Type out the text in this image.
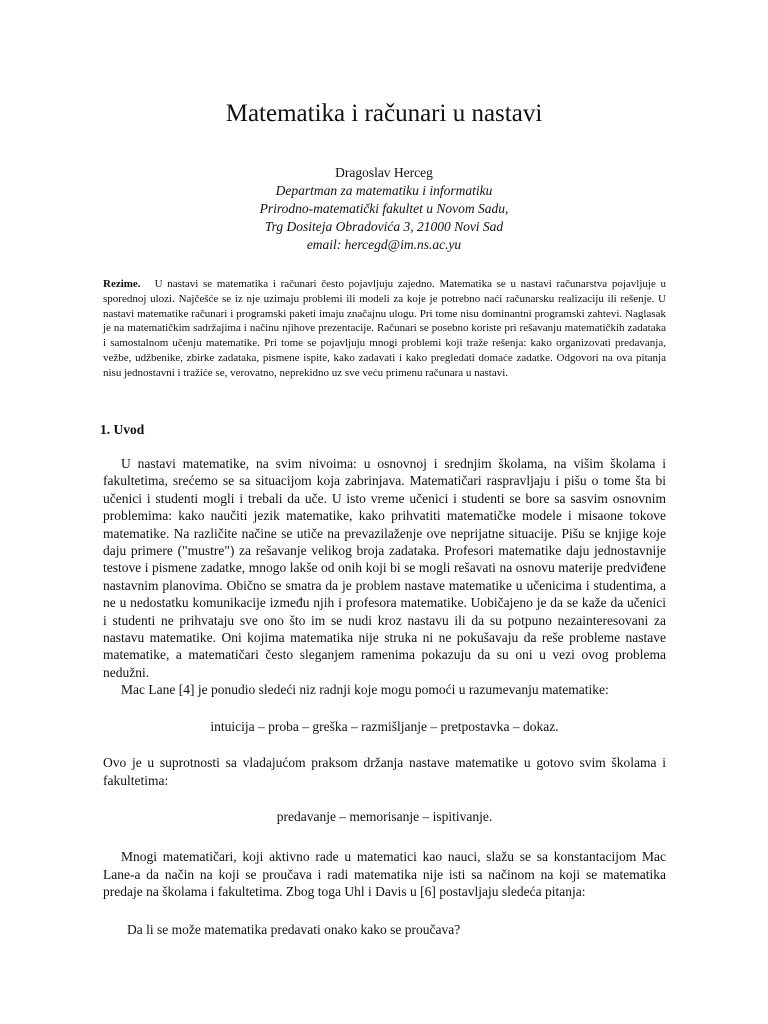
Matematika i računari u nastavi
Dragoslav Herceg
Departman za matematiku i informatiku
Prirodno-matematički fakultet u Novom Sadu,
Trg Dositeja Obradovića 3, 21000 Novi Sad
email: hercegd@im.ns.ac.yu
Rezime. U nastavi se matematika i računari često pojavljuju zajedno. Matematika se u nastavi računarstva pojavljuje u sporednoj ulozi. Najčešće se iz nje uzimaju problemi ili modeli za koje je potrebno naći računarsku realizaciju ili rešenje. U nastavi matematike računari i programski paketi imaju značajnu ulogu. Pri tome nisu dominantni programski zahtevi. Naglasak je na matematičkim sadržajima i načinu njihove prezentacije. Računari se posebno koriste pri rešavanju matematičkih zadataka i samostalnom učenju matematike. Pri tome se pojavljuju mnogi problemi koji traže rešenja: kako organizovati predavanja, vežbe, udžbenike, zbirke zadataka, pismene ispite, kako zadavati i kako pregledati domaće zadatke. Odgovori na ova pitanja nisu jednostavni i tražiće se, verovatno, neprekidno uz sve veću primenu računara u nastavi.
1. Uvod

U nastavi matematike, na svim nivoima: u osnovnoj i srednjim školama, na višim školama i fakultetima, srećemo se sa situacijom koja zabrinjava. Matematičari raspravljaju i pišu o tome šta bi učenici i studenti mogli i trebali da uče. U isto vreme učenici i studenti se bore sa sasvim osnovnim problemima: kako naučiti jezik matematike, kako prihvatiti matematičke modele i misaone tokove matematike. Na različite načine se utiče na prevazilaženje ove neprijatne situacije. Pišu se knjige koje daju primere ("mustre") za rešavanje velikog broja zadataka. Profesori matematike daju jednostavnije testove i pismene zadatke, mnogo lakše od onih koji bi se mogli rešavati na osnovu materije predviđene nastavnim planovima. Obično se smatra da je problem nastave matematike u učenicima i studentima, a ne u nedostatku komunikacije između njih i profesora matematike. Uobičajeno je da se kaže da učenici i studenti ne prihvataju sve ono što im se nudi kroz nastavu ili da su potpuno nezainteresovani za nastavu matematike. Oni kojima matematika nije struka ni ne pokušavaju da reše probleme nastave matematike, a matematičari često sleganjem ramenima pokazuju da su oni u vezi ovog problema nedužni.

Mac Lane [4] je ponudio sledeći niz radnji koje mogu pomoći u razumevanju matematike:

intuicija – proba – greška – razmišljanje – pretpostavka – dokaz.

Ovo je u suprotnosti sa vladajućom praksom držanja nastave matematike u gotovo svim školama i fakultetima:

predavanje – memorisanje – ispitivanje.

Mnogi matematičari, koji aktivno rade u matematici kao nauci, slažu se sa konstantacijom Mac Lane-a da način na koji se proučava i radi matematika nije isti sa načinom na koji se matematika predaje na školama i fakultetima. Zbog toga Uhl i Davis u [6] postavljaju sledeća pitanja:

Da li se može matematika predavati onako kako se proučava?
